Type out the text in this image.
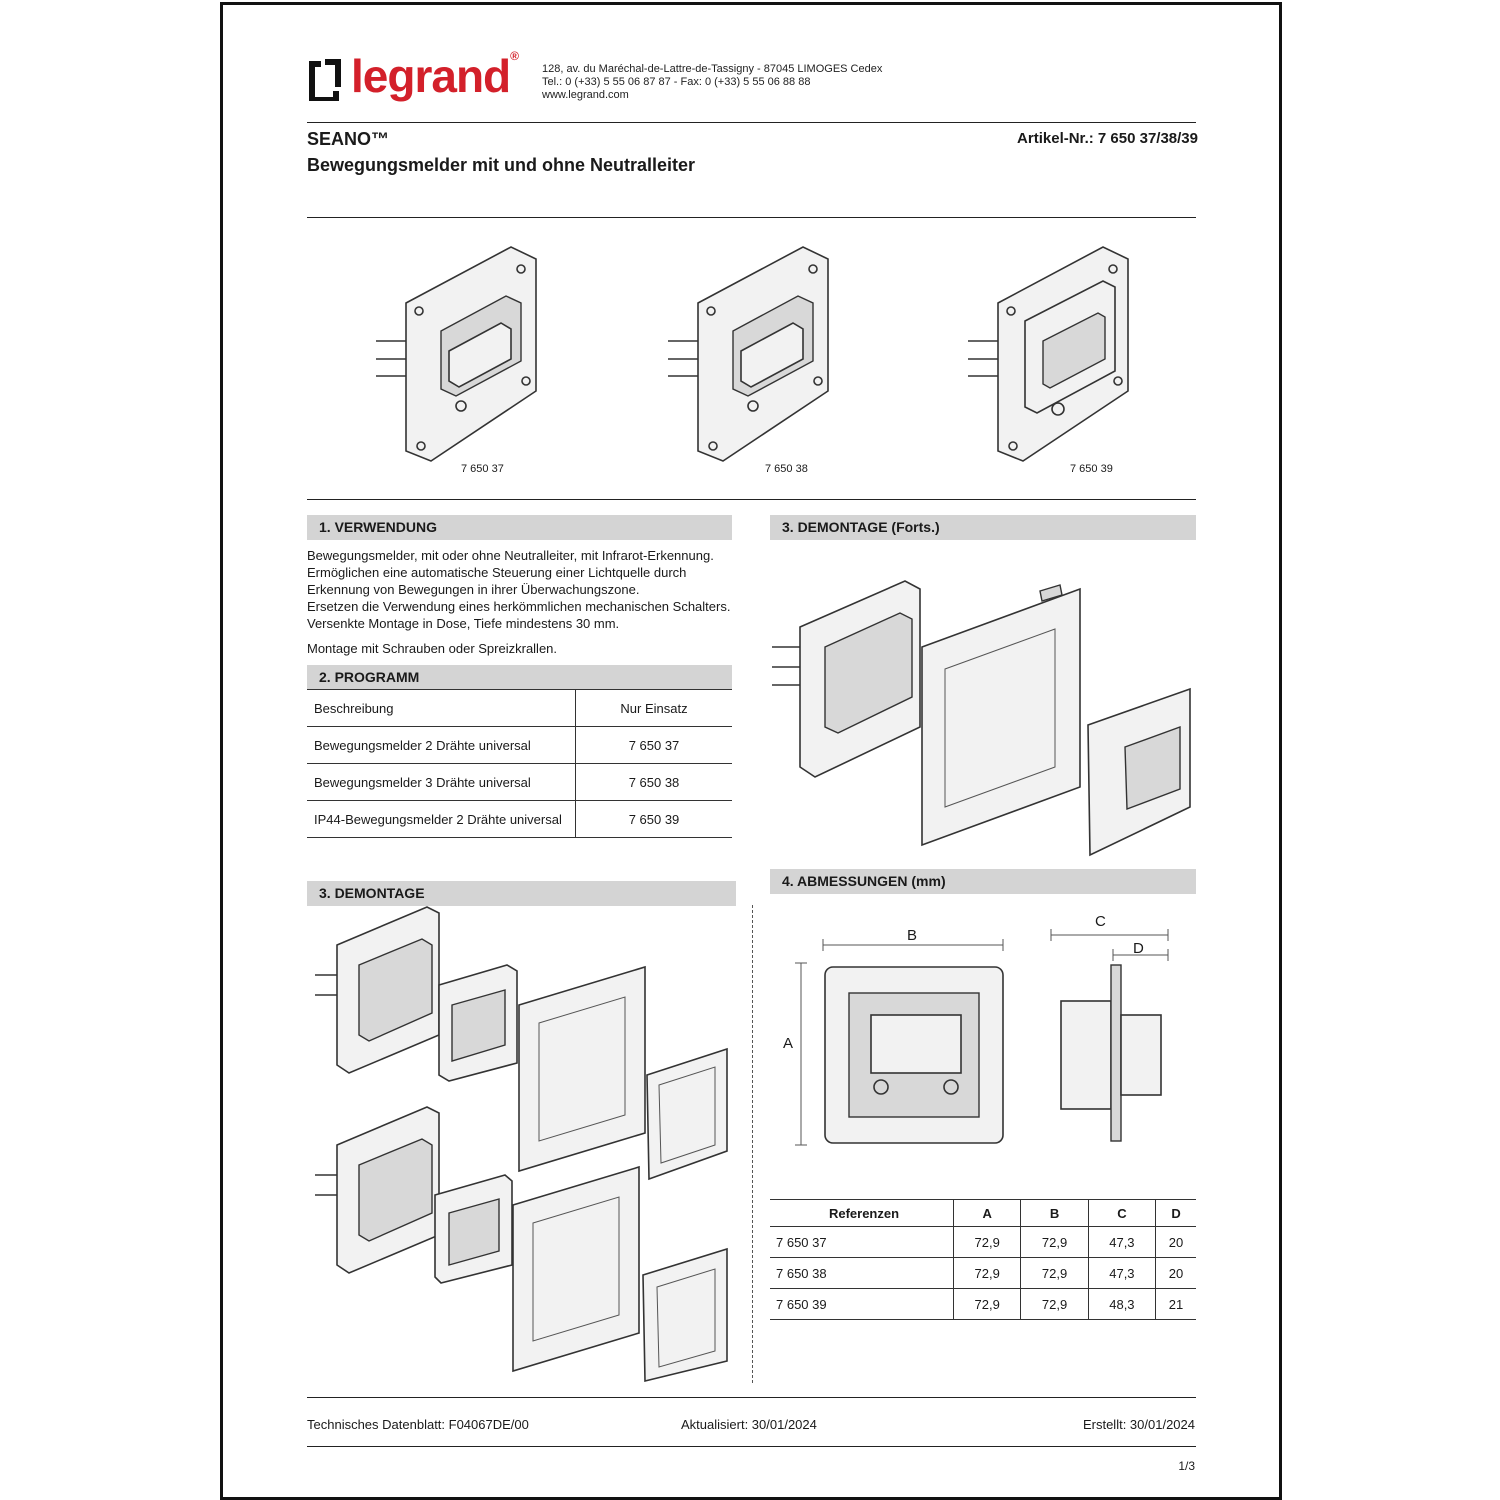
legrand®
128, av. du Maréchal-de-Lattre-de-Tassigny - 87045 LIMOGES Cedex
Tel.: 0 (+33) 5 55 06 87 87 - Fax: 0 (+33) 5 55 06 88 88
www.legrand.com
SEANO™
Bewegungsmelder mit und ohne Neutralleiter
Artikel-Nr.: 7 650 37/38/39
7 650 37	7 650 38	7 650 39
1. VERWENDUNG
Bewegungsmelder, mit oder ohne Neutralleiter, mit Infrarot-Erkennung.
Ermöglichen eine automatische Steuerung einer Lichtquelle durch
Erkennung von Bewegungen in ihrer Überwachungszone.
Ersetzen die Verwendung eines herkömmlichen mechanischen Schalters.
Versenkte Montage in Dose, Tiefe mindestens 30 mm.
Montage mit Schrauben oder Spreizkrallen.
2. PROGRAMM
Beschreibung	Nur Einsatz
Bewegungsmelder 2 Drähte universal	7 650 37
Bewegungsmelder 3 Drähte universal	7 650 38
IP44-Bewegungsmelder 2 Drähte universal	7 650 39
3. DEMONTAGE (Forts.)
3. DEMONTAGE
4. ABMESSUNGEN (mm)
B
A
C
D
Referenzen	A	B	C	D
7 650 37	72,9	72,9	47,3	20
7 650 38	72,9	72,9	47,3	20
7 650 39	72,9	72,9	48,3	21
Technisches Datenblatt: F04067DE/00	Aktualisiert: 30/01/2024	Erstellt: 30/01/2024
1/3
